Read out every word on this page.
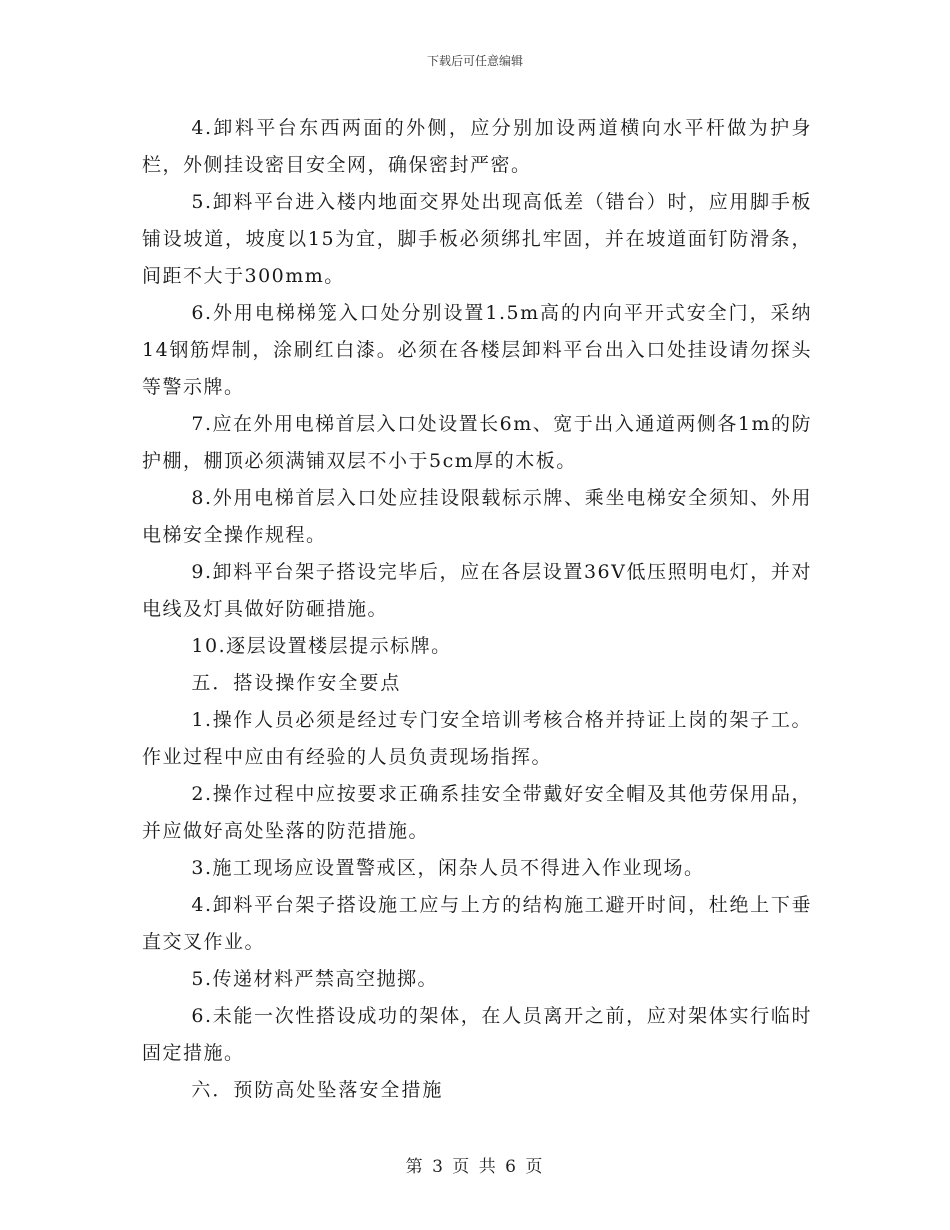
下载后可任意编辑

4.卸料平台东西两面的外侧，应分别加设两道横向水平杆做为护身栏，外侧挂设密目安全网，确保密封严密。

5.卸料平台进入楼内地面交界处出现高低差（错台）时，应用脚手板铺设坡道，坡度以15为宜，脚手板必须绑扎牢固，并在坡道面钉防滑条，间距不大于300mm。

6.外用电梯梯笼入口处分别设置1.5m高的内向平开式安全门，采纳14钢筋焊制，涂刷红白漆。必须在各楼层卸料平台出入口处挂设请勿探头等警示牌。

7.应在外用电梯首层入口处设置长6m、宽于出入通道两侧各1m的防护棚，棚顶必须满铺双层不小于5cm厚的木板。

8.外用电梯首层入口处应挂设限载标示牌、乘坐电梯安全须知、外用电梯安全操作规程。

9.卸料平台架子搭设完毕后，应在各层设置36V低压照明电灯，并对电线及灯具做好防砸措施。

10.逐层设置楼层提示标牌。

五．搭设操作安全要点

1.操作人员必须是经过专门安全培训考核合格并持证上岗的架子工。作业过程中应由有经验的人员负责现场指挥。

2.操作过程中应按要求正确系挂安全带戴好安全帽及其他劳保用品，并应做好高处坠落的防范措施。

3.施工现场应设置警戒区，闲杂人员不得进入作业现场。

4.卸料平台架子搭设施工应与上方的结构施工避开时间，杜绝上下垂直交叉作业。

5.传递材料严禁高空抛掷。

6.未能一次性搭设成功的架体，在人员离开之前，应对架体实行临时固定措施。

六．预防高处坠落安全措施

第 3 页 共 6 页
